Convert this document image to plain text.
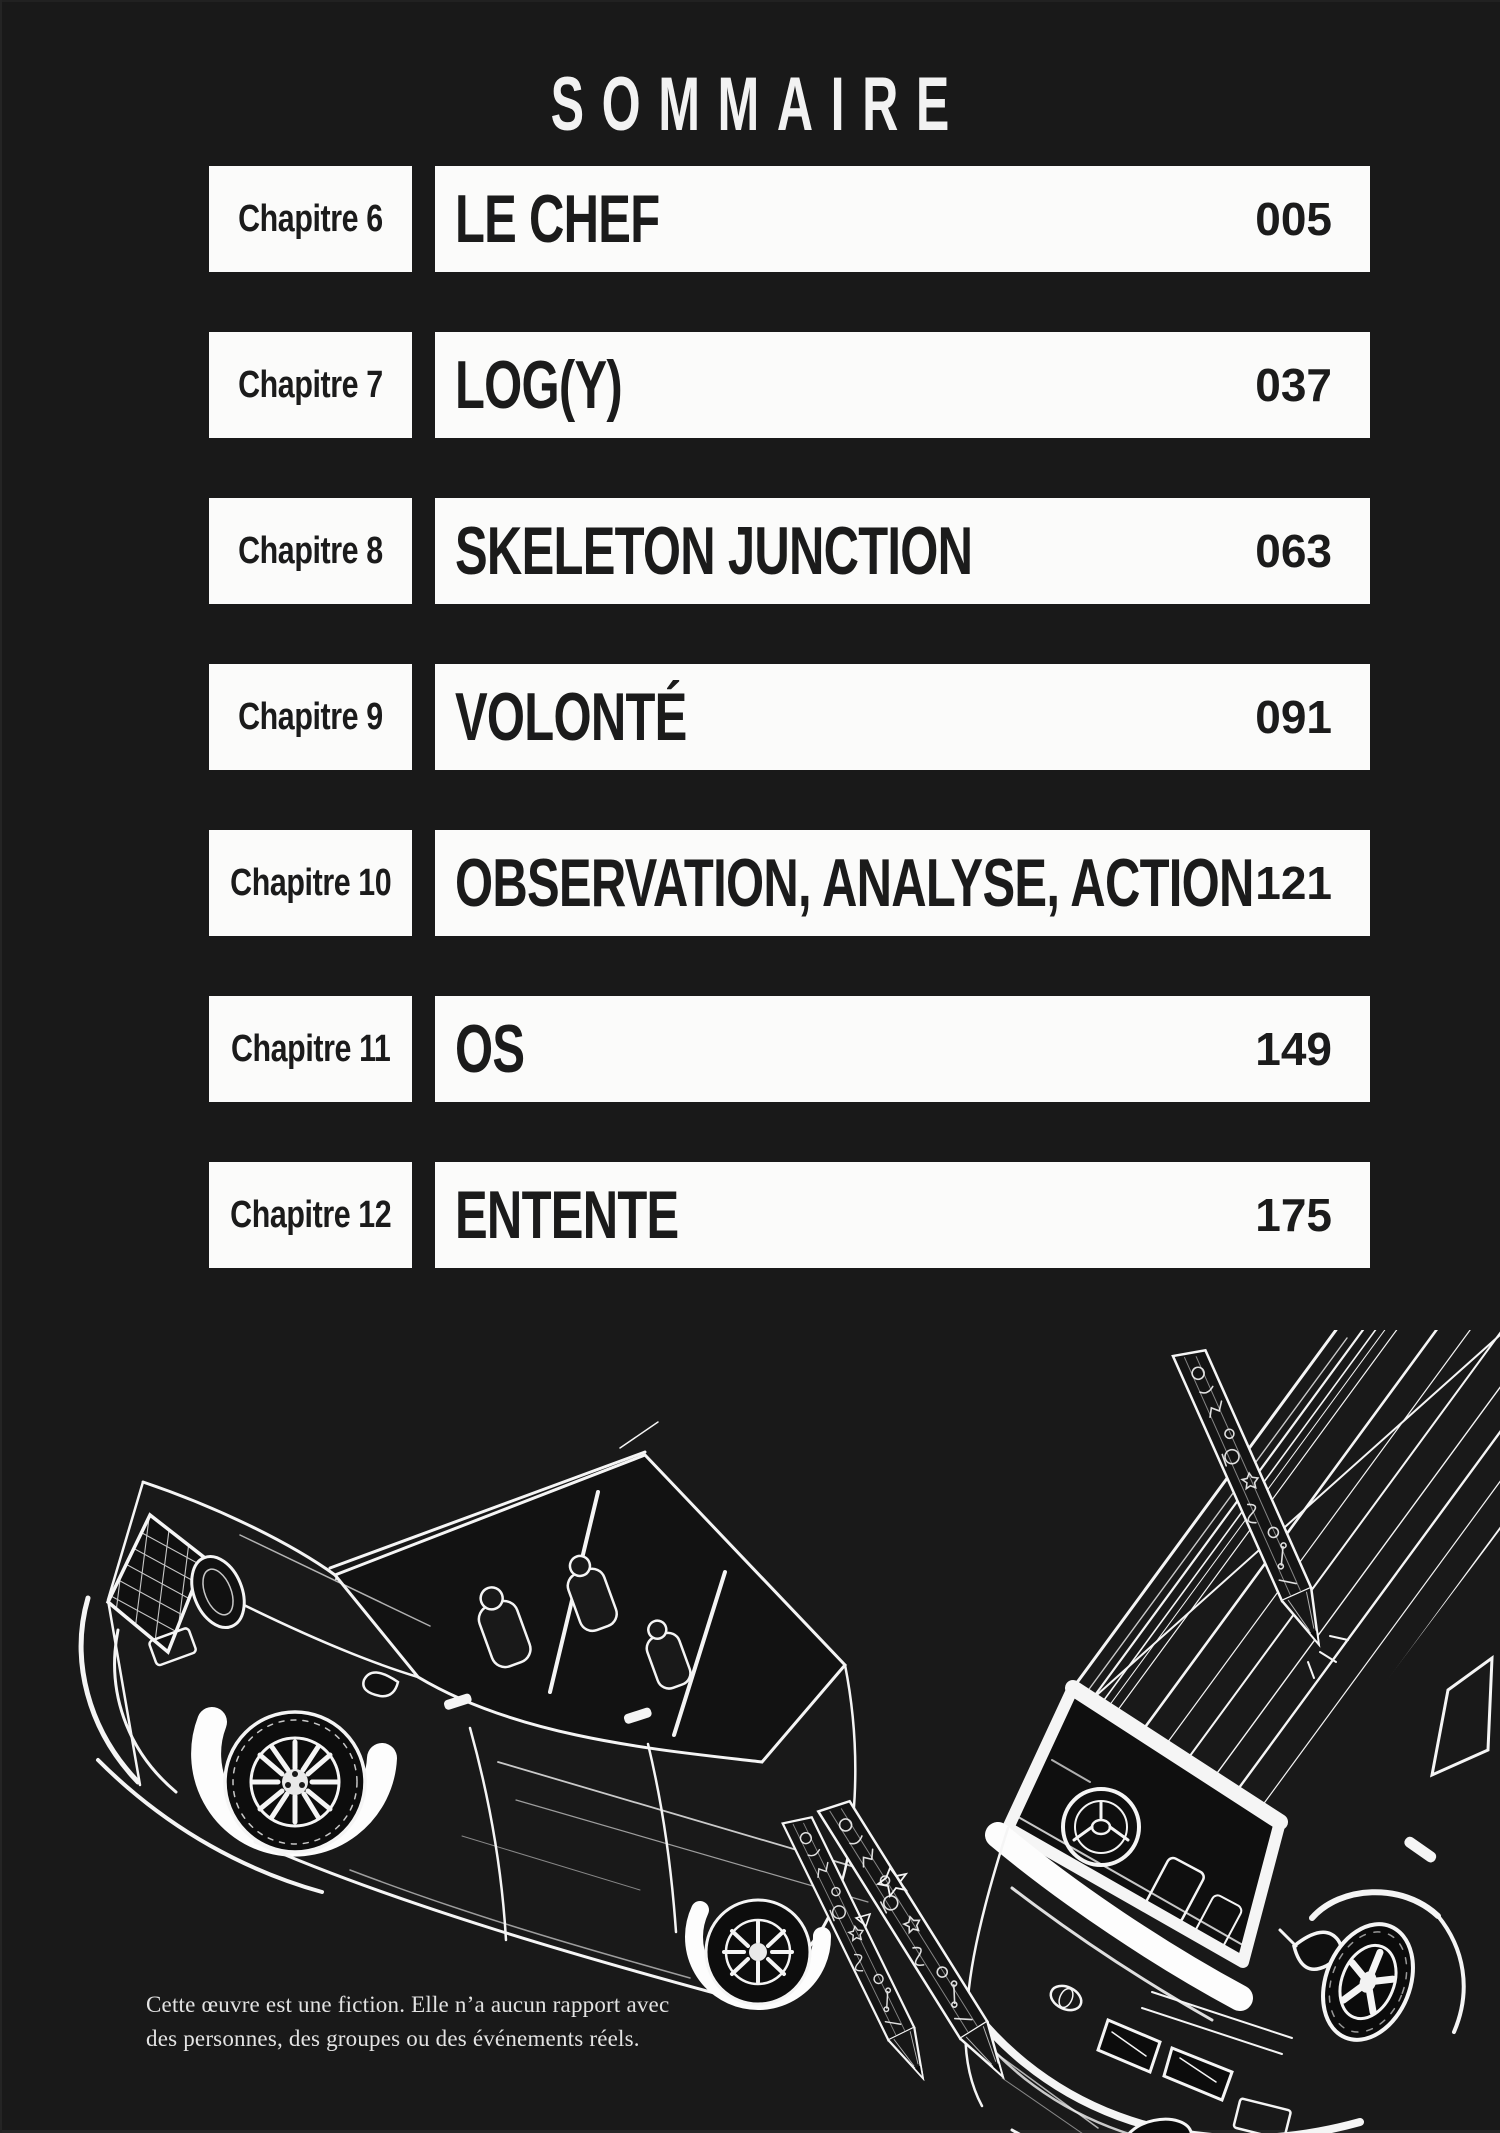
SOMMAIRE
Chapitre 6 LE CHEF	005
Chapitre 7 LOG(Y)	037
Chapitre 8 SKELETON JUNCTION	063
Chapitre 9 VOLONTÉ	091
Chapitre 10 OBSERVATION, ANALYSE, ACTION 121
Chapitre 11 OS	149
Chapitre 12 ENTENTE	175

Cette œuvre est une fiction. Elle n’a aucun rapport avec
des personnes, des groupes ou des événements réels.
